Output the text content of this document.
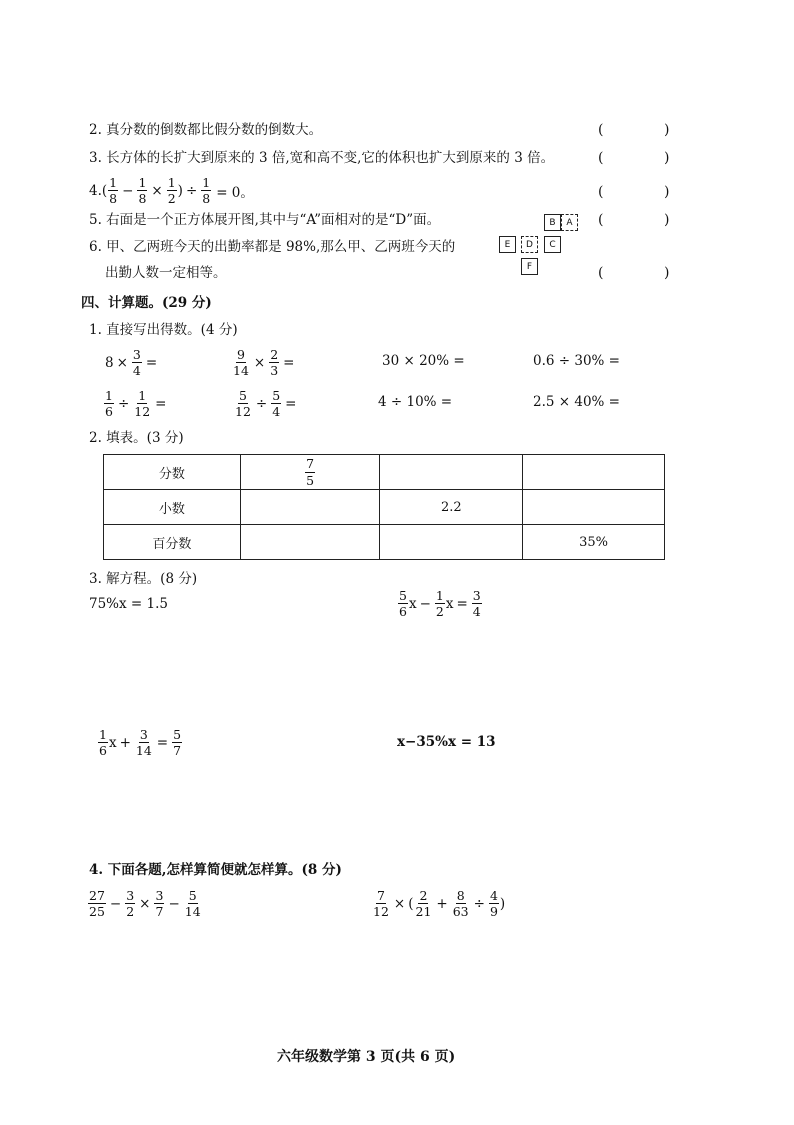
2. 真分数的倒数都比假分数的倒数大。	(	)
3. 长方体的长扩大到原来的 3 倍,宽和高不变,它的体积也扩大到原来的 3 倍。	(	)
4. ( $\frac{1}{8} - \frac{1}{8} \times \frac{1}{2}$ ) ÷ $\frac{1}{8} = 0$。	(	)
5. 右面是一个正方体展开图,其中与“A”面相对的是“D”面。	(	)
6. 甲、乙两班今天的出勤率都是 98%,那么甲、乙两班今天的
出勤人数一定相等。	(	)
B	A
E	D	C
F
四、计算题。(29 分)
1. 直接写出得数。(4 分)
$8 \times \frac{3}{4}$ =	$\frac{9}{14} \times \frac{2}{3}$ =	30 × 20% =	0.6 ÷ 30% =
$\frac{1}{6} \div \frac{1}{12}$ =	$\frac{5}{12} \div \frac{5}{4}$ =	4 ÷ 10% =	2.5 × 40% =
2. 填表。(3 分)
分数	$\frac{7}{5}$

小数		2.2	
百分数			35%
3. 解方程。(8 分)
75%x = 1.5	$\frac{5}{6}$ $x - \frac{1}{2}$ $x = \frac{3}{4}$
$\frac{1}{6}$ $x + \frac{3}{14} = \frac{5}{7}$	x−35%x = 13
4. 下面各题,怎样算简便就怎样算。(8 分)
$\frac{27}{25} - \frac{3}{2} \times \frac{3}{7} - \frac{5}{14}$	$\frac{7}{12}$ × ( $\frac{2}{21} + \frac{8}{63} \div \frac{4}{9}$ )
六年级数学第 3 页(共 6 页)
